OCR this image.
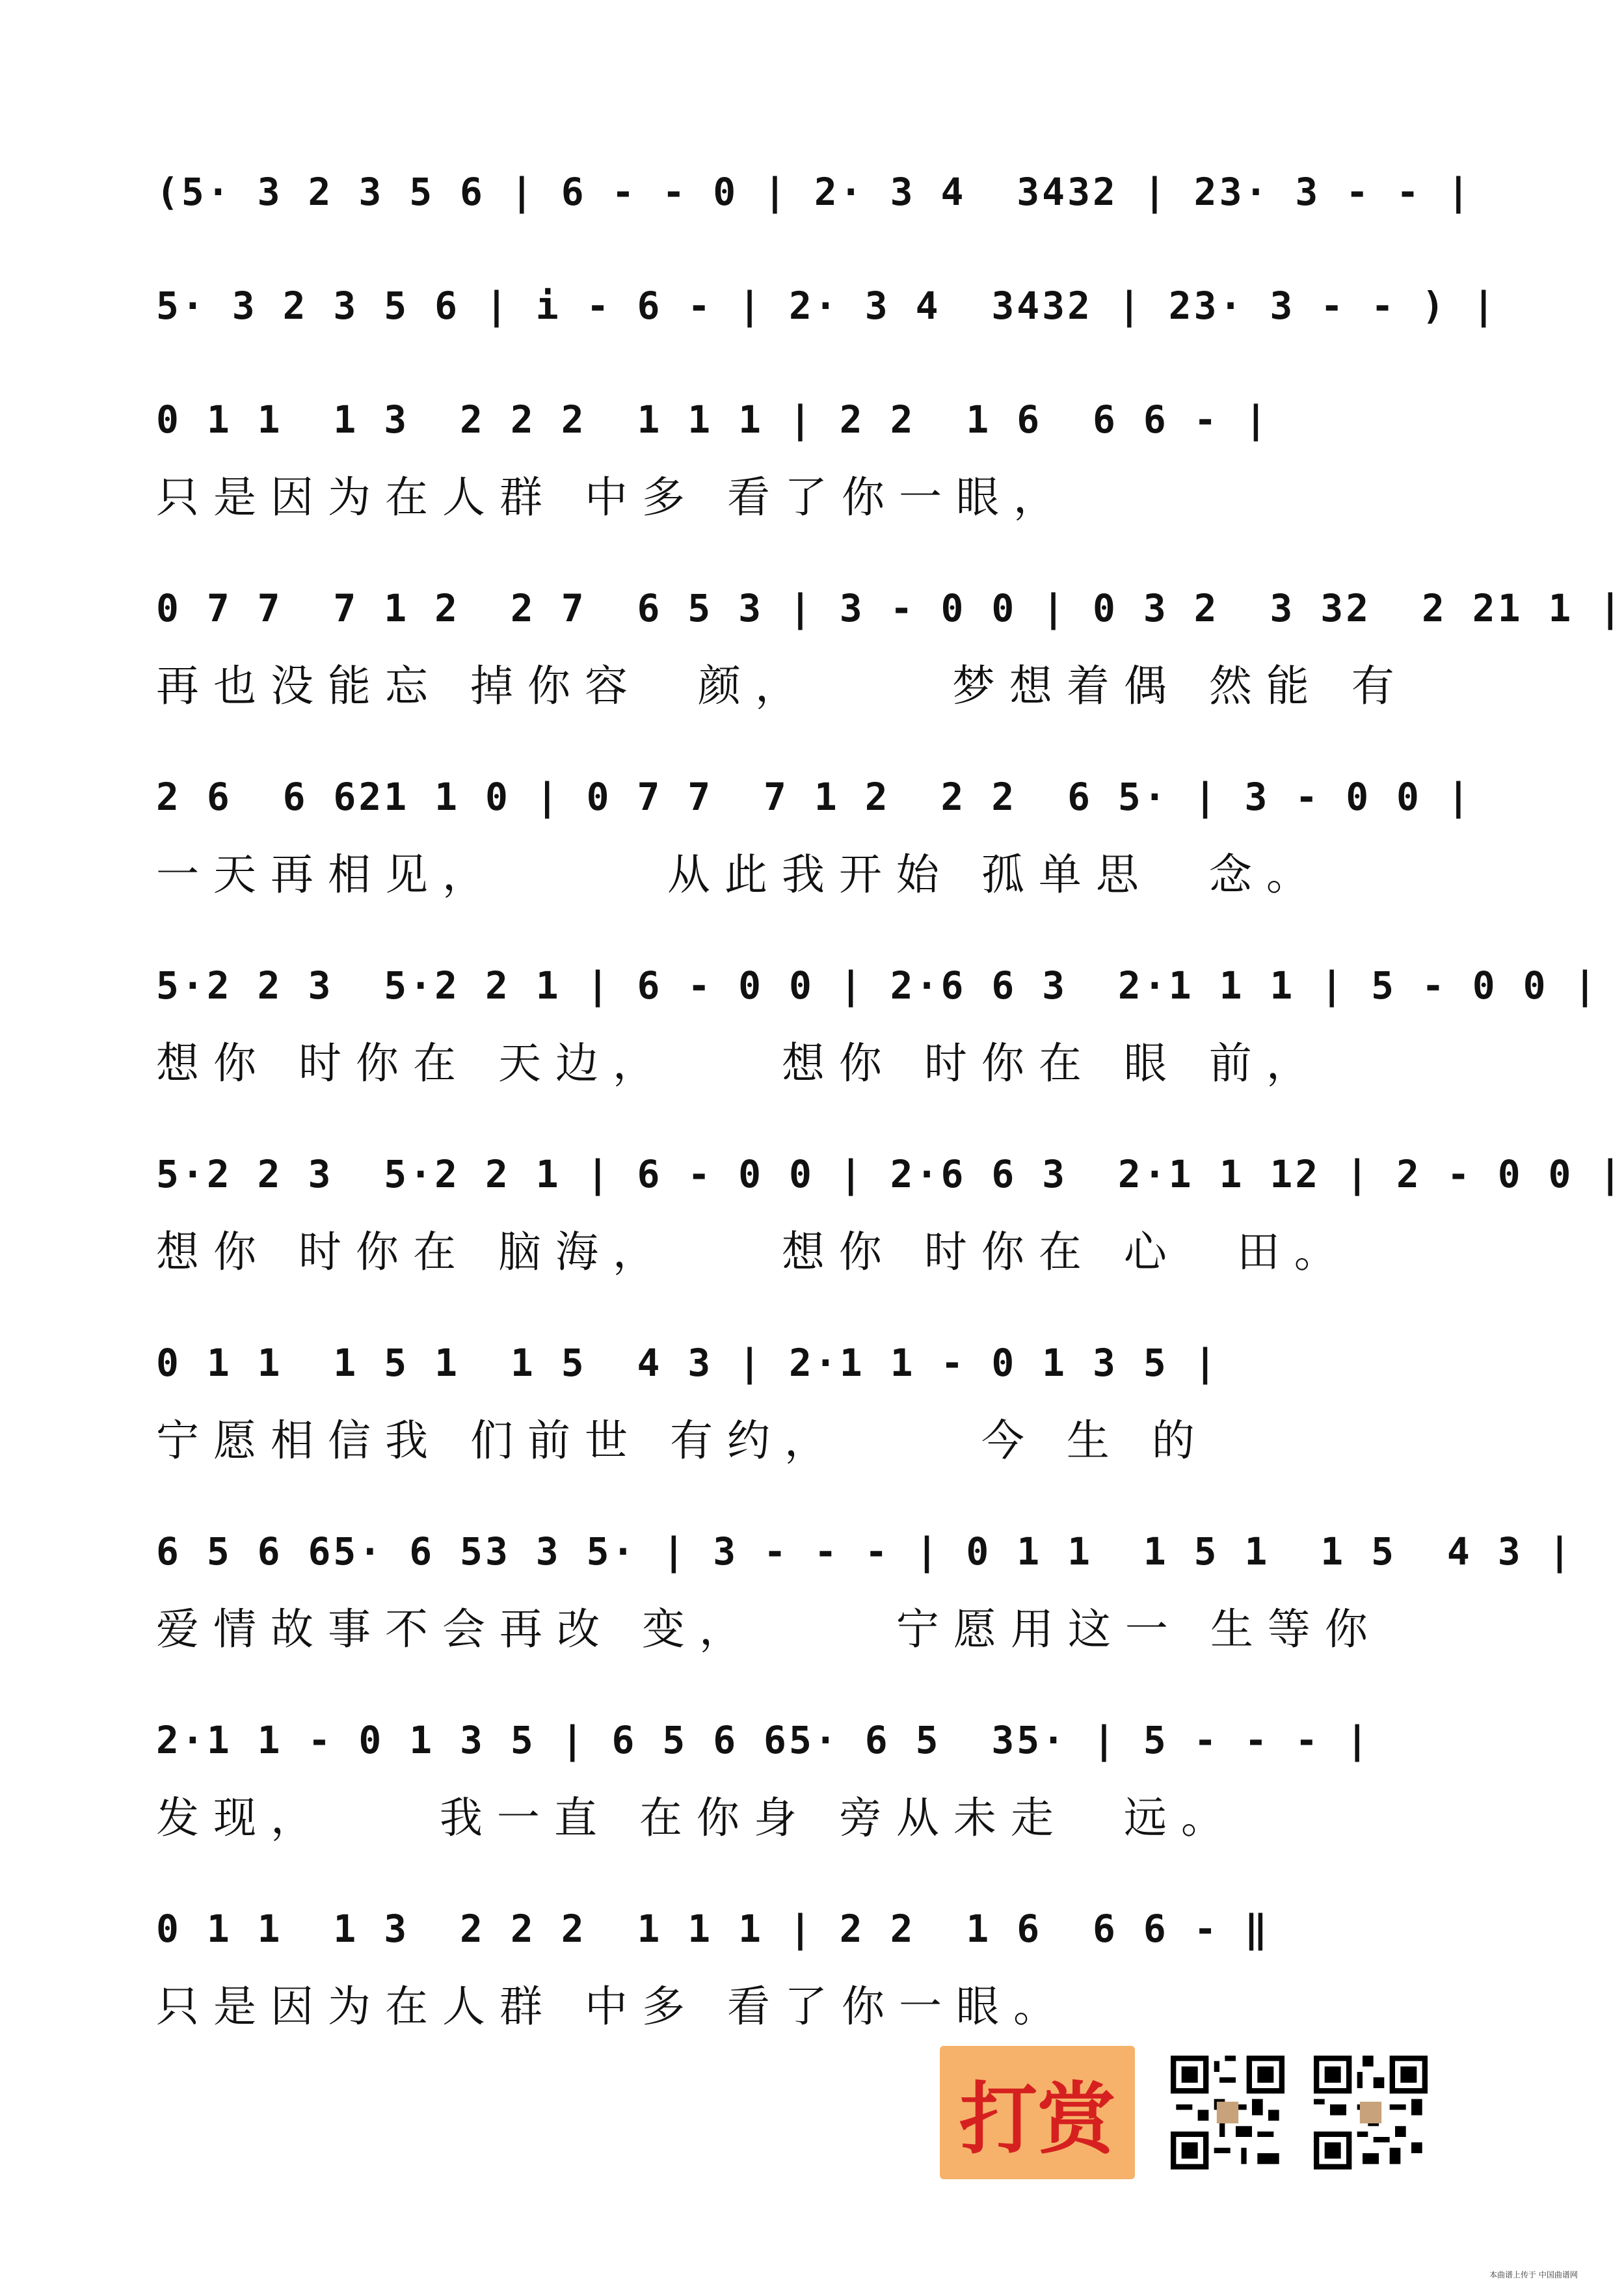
(5· 3 2 3 5 6 | 6 - - 0 | 2· 3 4  3432 | 23· 3 - - |
5· 3 2 3 5 6 | i - 6 - | 2· 3 4  3432 | 23· 3 - - ) |
0 1 1  1 3  2 2 2  1 1 1 | 2 2  1 6  6 6 - |
只是因为在人群 中多 看了你一眼，
0 7 7  7 1 2  2 7  6 5 3 | 3 - 0 0 | 0 3 2  3 32  2 21 1 |
再也没能忘 掉你容  颜，     梦想着偶 然能 有
2 6  6 621 1 0 | 0 7 7  7 1 2  2 2  6 5· | 3 - 0 0 |
一天再相见，      从此我开始 孤单思  念。
5·2 2 3  5·2 2 1 | 6 - 0 0 | 2·6 6 3  2·1 1 1 | 5 - 0 0 |
想你 时你在 天边，    想你 时你在 眼 前，
5·2 2 3  5·2 2 1 | 6 - 0 0 | 2·6 6 3  2·1 1 12 | 2 - 0 0 |
想你 时你在 脑海，    想你 时你在 心  田。
0 1 1  1 5 1  1 5  4 3 | 2·1 1 - 0 1 3 5 |
宁愿相信我 们前世 有约，     今 生 的
6 5 6 65· 6 53 3 5· | 3 - - - | 0 1 1  1 5 1  1 5  4 3 |
爱情故事不会再改 变，     宁愿用这一 生等你
2·1 1 - 0 1 3 5 | 6 5 6 65· 6 5  35· | 5 - - - |
发现，    我一直 在你身 旁从未走  远。
0 1 1  1 3  2 2 2  1 1 1 | 2 2  1 6  6 6 - ‖
只是因为在人群 中多 看了你一眼。
打赏
本曲谱上传于 中国曲谱网
